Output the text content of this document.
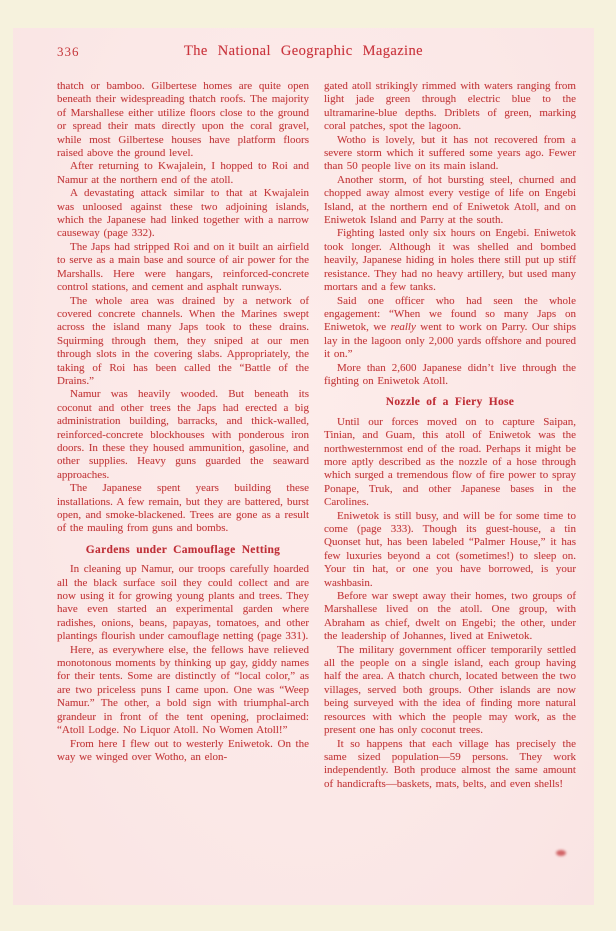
336	The National Geographic Magazine

thatch or bamboo. Gilbertese homes are quite open beneath their widespreading thatch roofs. The majority of Marshallese either utilize floors close to the ground or spread their mats directly upon the coral gravel, while most Gilbertese houses have platform floors raised above the ground level.

After returning to Kwajalein, I hopped to Roi and Namur at the northern end of the atoll.

A devastating attack similar to that at Kwajalein was unloosed against these two adjoining islands, which the Japanese had linked together with a narrow causeway (page 332).

The Japs had stripped Roi and on it built an airfield to serve as a main base and source of air power for the Marshalls. Here were hangars, reinforced-concrete control stations, and cement and asphalt runways.

The whole area was drained by a network of covered concrete channels. When the Marines swept across the island many Japs took to these drains. Squirming through them, they sniped at our men through slots in the covering slabs. Appropriately, the taking of Roi has been called the “Battle of the Drains.”

Namur was heavily wooded. But beneath its coconut and other trees the Japs had erected a big administration building, barracks, and thick-walled, reinforced-concrete blockhouses with ponderous iron doors. In these they housed ammunition, gasoline, and other supplies. Heavy guns guarded the seaward approaches.

The Japanese spent years building these installations. A few remain, but they are battered, burst open, and smoke-blackened. Trees are gone as a result of the mauling from guns and bombs.

Gardens under Camouflage Netting

In cleaning up Namur, our troops carefully hoarded all the black surface soil they could collect and are now using it for growing young plants and trees. They have even started an experimental garden where radishes, onions, beans, papayas, tomatoes, and other plantings flourish under camouflage netting (page 331).

Here, as everywhere else, the fellows have relieved monotonous moments by thinking up gay, giddy names for their tents. Some are distinctly of “local color,” as are two priceless puns I came upon. One was “Weep Namur.” The other, a bold sign with triumphal-arch grandeur in front of the tent opening, proclaimed: “Atoll Lodge. No Liquor Atoll. No Women Atoll!”

From here I flew out to westerly Eniwetok. On the way we winged over Wotho, an elon-

gated atoll strikingly rimmed with waters ranging from light jade green through electric blue to the ultramarine-blue depths. Driblets of green, marking coral patches, spot the lagoon.

Wotho is lovely, but it has not recovered from a severe storm which it suffered some years ago. Fewer than 50 people live on its main island.

Another storm, of hot bursting steel, churned and chopped away almost every vestige of life on Engebi Island, at the northern end of Eniwetok Atoll, and on Eniwetok Island and Parry at the south.

Fighting lasted only six hours on Engebi. Eniwetok took longer. Although it was shelled and bombed heavily, Japanese hiding in holes there still put up stiff resistance. They had no heavy artillery, but used many mortars and a few tanks.

Said one officer who had seen the whole engagement: “When we found so many Japs on Eniwetok, we really went to work on Parry. Our ships lay in the lagoon only 2,000 yards offshore and poured it on.”

More than 2,600 Japanese didn’t live through the fighting on Eniwetok Atoll.

Nozzle of a Fiery Hose

Until our forces moved on to capture Saipan, Tinian, and Guam, this atoll of Eniwetok was the northwesternmost end of the road. Perhaps it might be more aptly described as the nozzle of a hose through which surged a tremendous flow of fire power to spray Ponape, Truk, and other Japanese bases in the Carolines.

Eniwetok is still busy, and will be for some time to come (page 333). Though its guest-house, a tin Quonset hut, has been labeled “Palmer House,” it has few luxuries beyond a cot (sometimes!) to sleep on. Your tin hat, or one you have borrowed, is your washbasin.

Before war swept away their homes, two groups of Marshallese lived on the atoll. One group, with Abraham as chief, dwelt on Engebi; the other, under the leadership of Johannes, lived at Eniwetok.

The military government officer temporarily settled all the people on a single island, each group having half the area. A thatch church, located between the two villages, served both groups. Other islands are now being surveyed with the idea of finding more natural resources with which the people may work, as the present one has only coconut trees.

It so happens that each village has precisely the same sized population—59 persons. They work independently. Both produce almost the same amount of handicrafts—baskets, mats, belts, and even shells!
